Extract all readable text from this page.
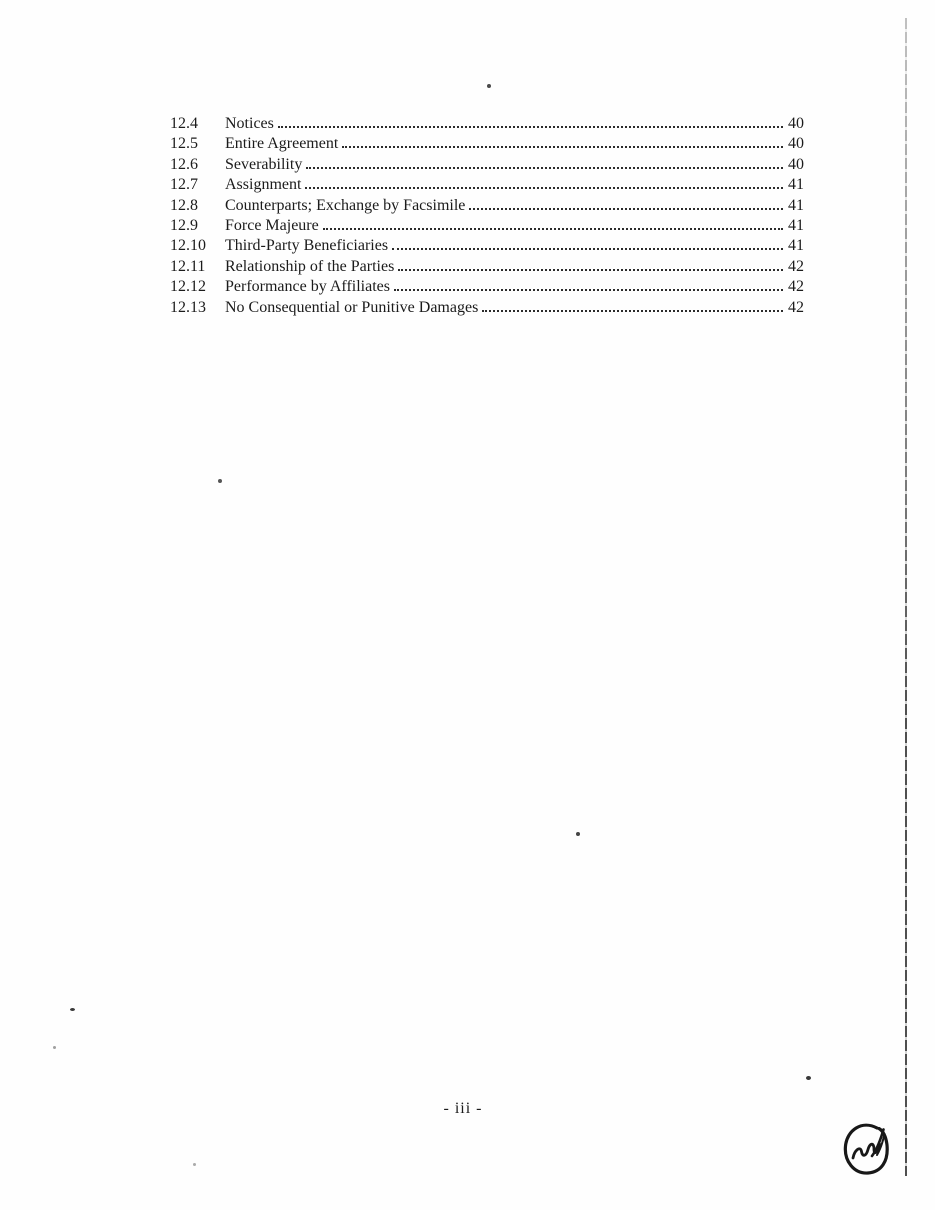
12.4	Notices	40
12.5	Entire Agreement	40
12.6	Severability	40
12.7	Assignment	41
12.8	Counterparts; Exchange by Facsimile	41
12.9	Force Majeure	41
12.10	Third-Party Beneficiaries	41
12.11	Relationship of the Parties	42
12.12	Performance by Affiliates	42
12.13	No Consequential or Punitive Damages	42
- iii -
